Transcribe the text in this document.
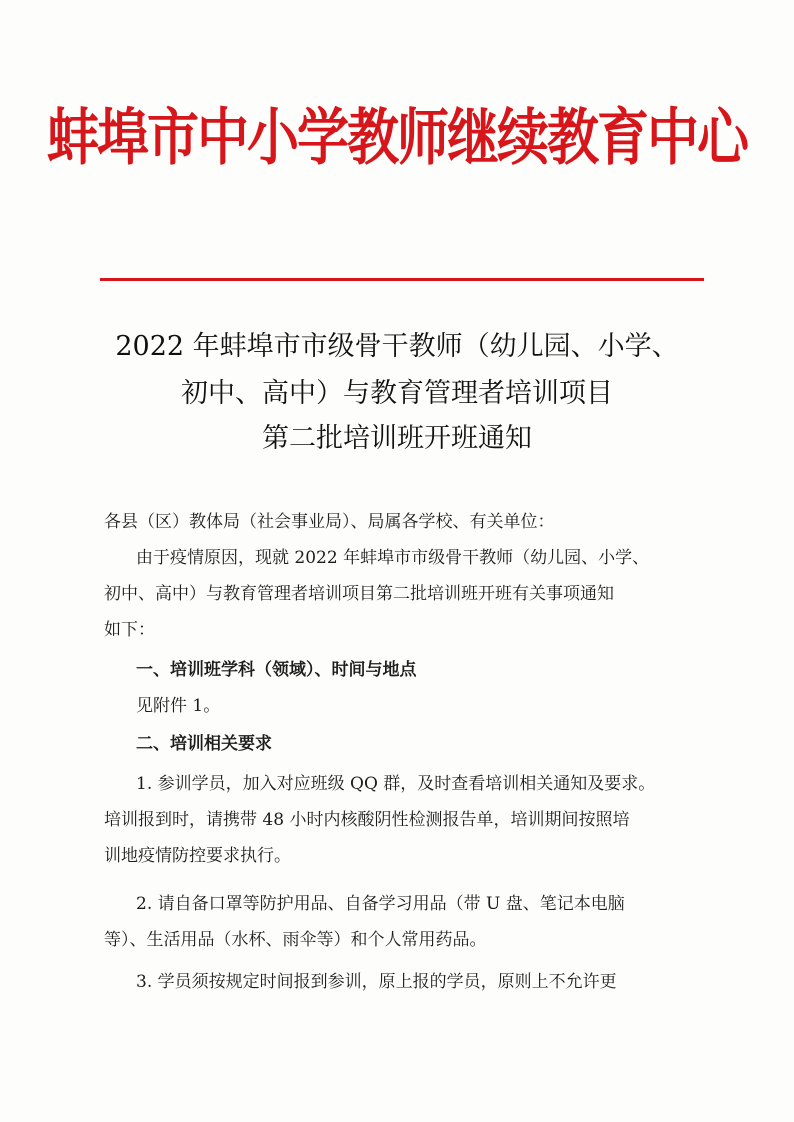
蚌埠市中小学教师继续教育中心
2022 年蚌埠市市级骨干教师（幼儿园、小学、
初中、高中）与教育管理者培训项目
第二批培训班开班通知
各县（区）教体局（社会事业局）、局属各学校、有关单位：
由于疫情原因，现就 2022 年蚌埠市市级骨干教师（幼儿园、小学、
初中、高中）与教育管理者培训项目第二批培训班开班有关事项通知
如下：
一、培训班学科（领域）、时间与地点
见附件 1。
二、培训相关要求
1. 参训学员，加入对应班级 QQ 群，及时查看培训相关通知及要求。
培训报到时，请携带 48 小时内核酸阴性检测报告单，培训期间按照培
训地疫情防控要求执行。
2. 请自备口罩等防护用品、自备学习用品（带 U 盘、笔记本电脑
等）、生活用品（水杯、雨伞等）和个人常用药品。
3. 学员须按规定时间报到参训，原上报的学员，原则上不允许更
